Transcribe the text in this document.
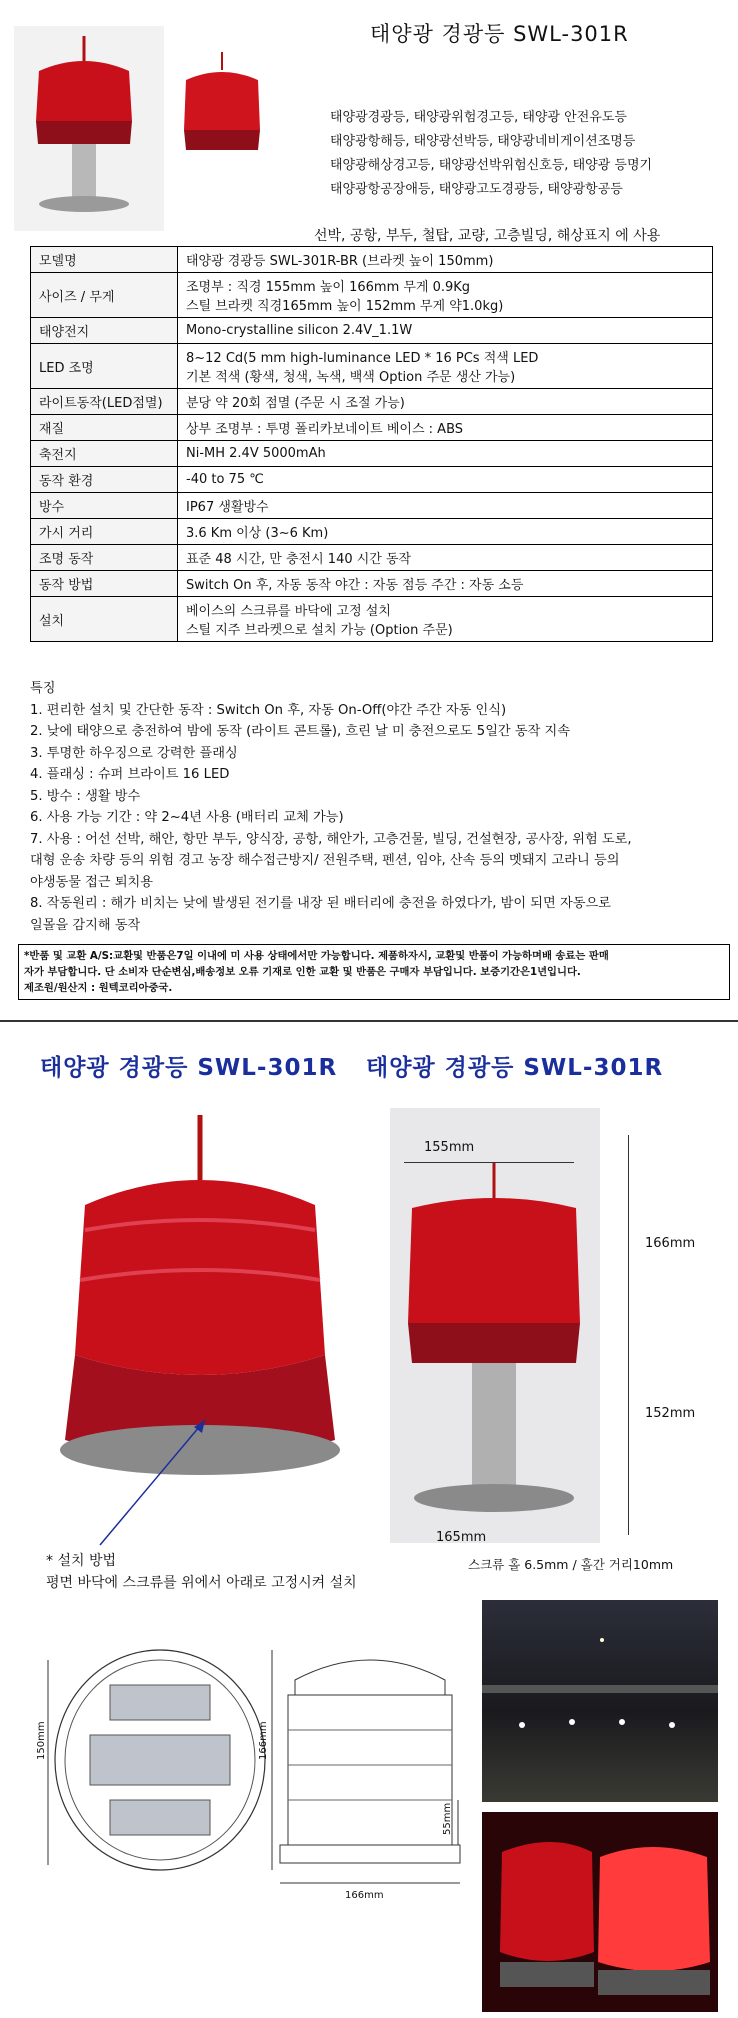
태양광 경광등 SWL-301R
태양광경광등, 태양광위험경고등, 태양광 안전유도등
태양광항해등, 태양광선박등, 태양광네비게이션조명등
태양광해상경고등, 태양광선박위험신호등, 태양광 등명기
태양광항공장애등, 태양광고도경광등, 태양광항공등
선박, 공항, 부두, 철탑, 교량, 고층빌딩, 해상표지 에 사용
모델명	태양광 경광등 SWL-301R-BR (브라켓 높이 150mm)

사이즈 / 무게	조명부 : 직경 155mm 높이 166mm 무게 0.9Kg
스틸 브라켓 직경165mm 높이 152mm 무게 약1.0kg)

태양전지	Mono-crystalline silicon 2.4V_1.1W

LED 조명	8~12 Cd(5 mm high-luminance LED * 16 PCs 적색 LED
기본 적색 (황색, 청색, 녹색, 백색 Option 주문 생산 가능)

라이트동작(LED점멸)	분당 약 20회 점멸 (주문 시 조절 가능)

재질	상부 조명부 : 투명 폴리카보네이트 베이스 : ABS

축전지	Ni-MH 2.4V 5000mAh

동작 환경	-40 to 75 ℃

방수	IP67 생활방수

가시 거리	3.6 Km 이상 (3~6 Km)

조명 동작	표준 48 시간, 만 충전시 140 시간 동작

동작 방법	Switch On 후, 자동 동작 야간 : 자동 점등 주간 : 자동 소등

설치	베이스의 스크류를 바닥에 고정 설치
스틸 지주 브라켓으로 설치 가능 (Option 주문)
특징
1. 편리한 설치 및 간단한 동작 : Switch On 후, 자동 On-Off(야간 주간 자동 인식)
2. 낮에 태양으로 충전하여 밤에 동작 (라이트 콘트롤), 흐린 날 미 충전으로도 5일간 동작 지속
3. 투명한 하우징으로 강력한 플래싱
4. 플래싱 : 슈퍼 브라이트 16 LED
5. 방수 : 생활 방수
6. 사용 가능 기간 : 약 2~4년 사용 (배터리 교체 가능)
7. 사용 : 어선 선박, 해안, 항만 부두, 양식장, 공항, 해안가, 고층건물, 빌딩, 건설현장, 공사장, 위험 도로,
대형 운송 차량 등의 위험 경고 농장 해수접근방지/ 전원주택, 펜션, 임야, 산속 등의 멧돼지 고라니 등의
야생동물 접근 퇴치용
8. 작동원리 : 해가 비치는 낮에 발생된 전기를 내장 된 배터리에 충전을 하였다가, 밤이 되면 자동으로
일몰을 감지해 동작
*반품 및 교환 A/S:교환및 반품은7일 이내에 미 사용 상태에서만 가능합니다. 제품하자시, 교환및 반품이 가능하며배 송료는 판매
자가 부담합니다. 단 소비자 단순변심,배송정보 오류 기재로 인한 교환 및 반품은 구매자 부담입니다. 보증기간은1년입니다.
제조원/원산지 : 원텍코리아중국.
태양광 경광등 SWL-301R 태양광 경광등 SWL-301R
155mm
166mm
152mm
165mm
스크류 홀 6.5mm / 홀간 거리10mm
* 설치 방법
평면 바닥에 스크류를 위에서 아래로 고정시켜 설치
150mm	166mm
55mm
166mm
